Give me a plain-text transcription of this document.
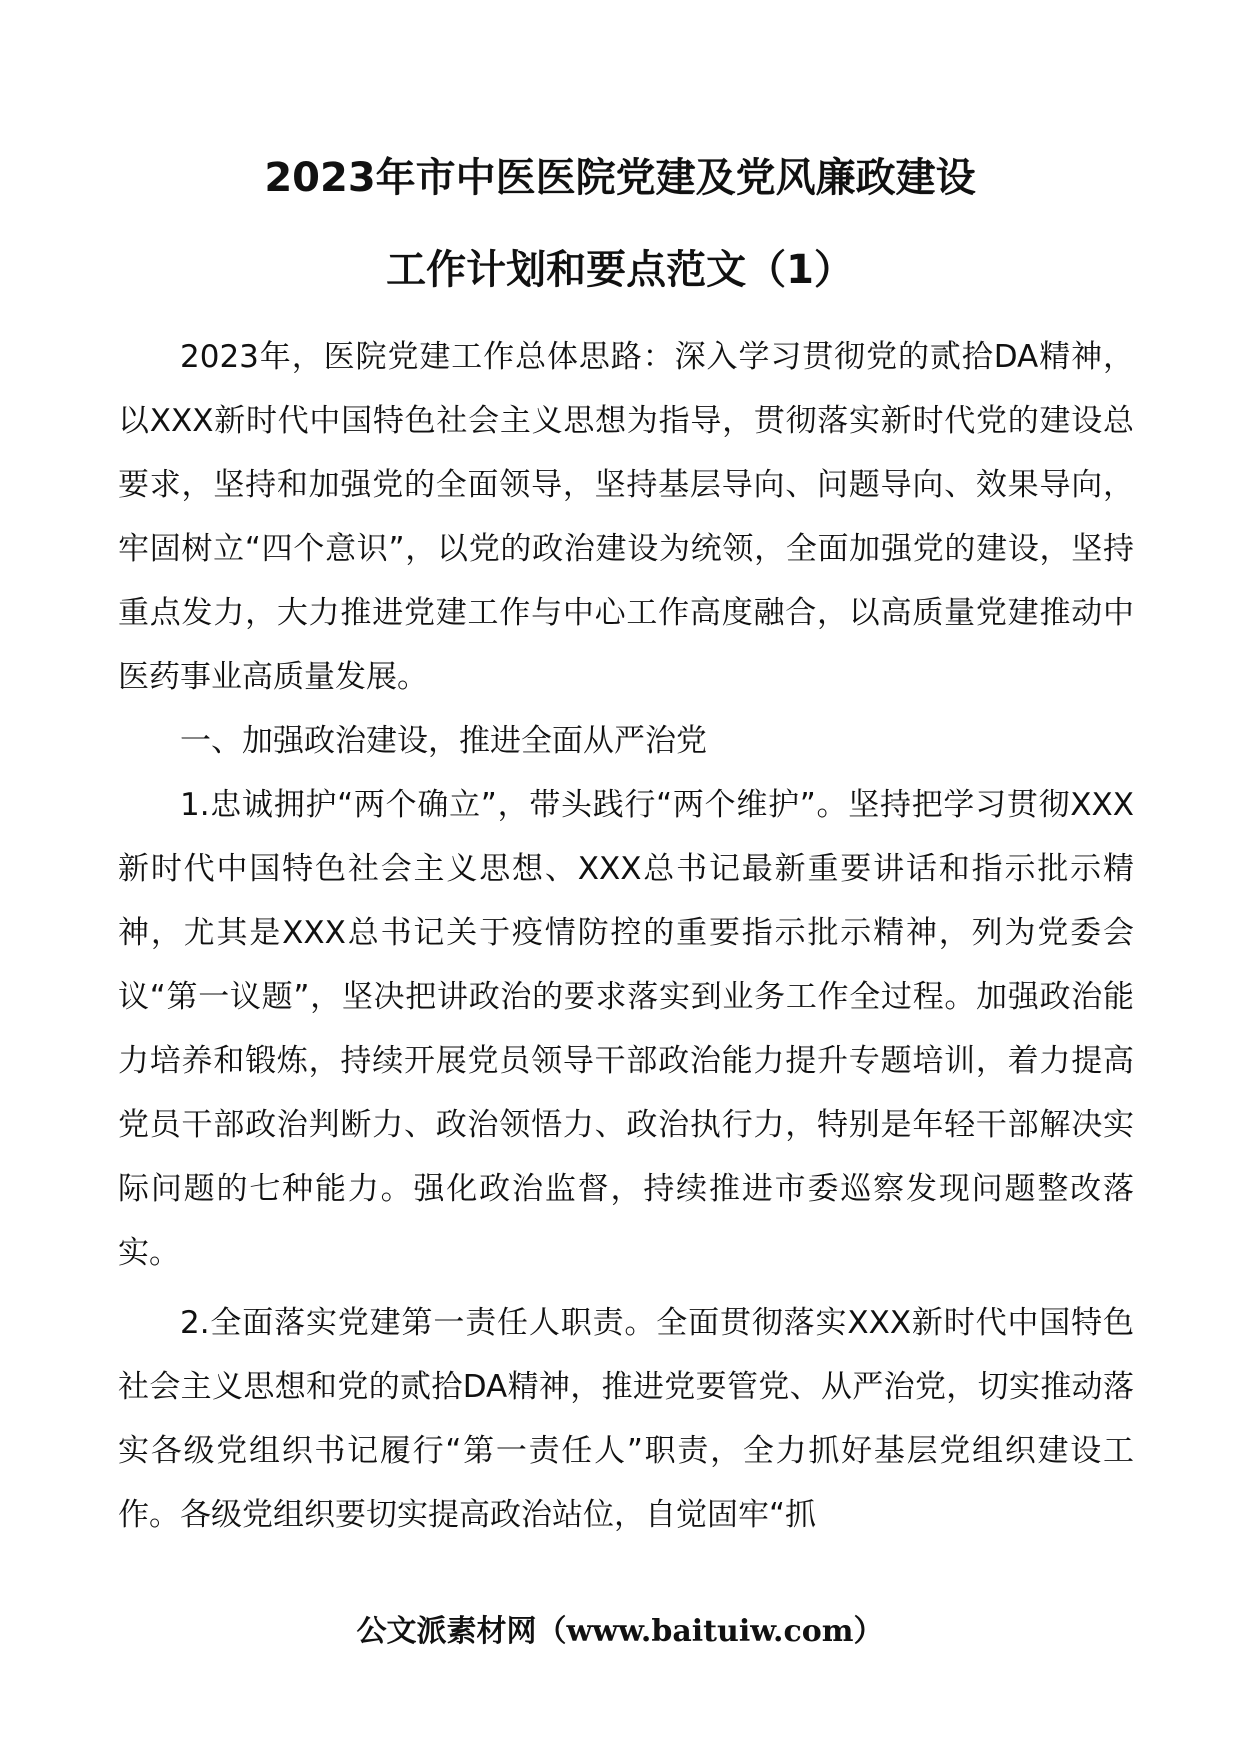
2023年市中医医院党建及党风廉政建设
工作计划和要点范文（1）

2023年，医院党建工作总体思路：深入学习贯彻党的贰拾DA精神，以XXX新时代中国特色社会主义思想为指导，贯彻落实新时代党的建设总要求，坚持和加强党的全面领导，坚持基层导向、问题导向、效果导向，牢固树立“四个意识”，以党的政治建设为统领，全面加强党的建设，坚持重点发力，大力推进党建工作与中心工作高度融合，以高质量党建推动中医药事业高质量发展。

一、加强政治建设，推进全面从严治党

1.忠诚拥护“两个确立”，带头践行“两个维护”。坚持把学习贯彻XXX新时代中国特色社会主义思想、XXX总书记最新重要讲话和指示批示精神，尤其是XXX总书记关于疫情防控的重要指示批示精神，列为党委会议“第一议题”，坚决把讲政治的要求落实到业务工作全过程。加强政治能力培养和锻炼，持续开展党员领导干部政治能力提升专题培训，着力提高党员干部政治判断力、政治领悟力、政治执行力，特别是年轻干部解决实际问题的七种能力。强化政治监督，持续推进市委巡察发现问题整改落实。

2.全面落实党建第一责任人职责。全面贯彻落实XXX新时代中国特色社会主义思想和党的贰拾DA精神，推进党要管党、从严治党，切实推动落实各级党组织书记履行“第一责任人”职责，全力抓好基层党组织建设工作。各级党组织要切实提高政治站位，自觉固牢“抓

公文派素材网（www.baituiw.com）
